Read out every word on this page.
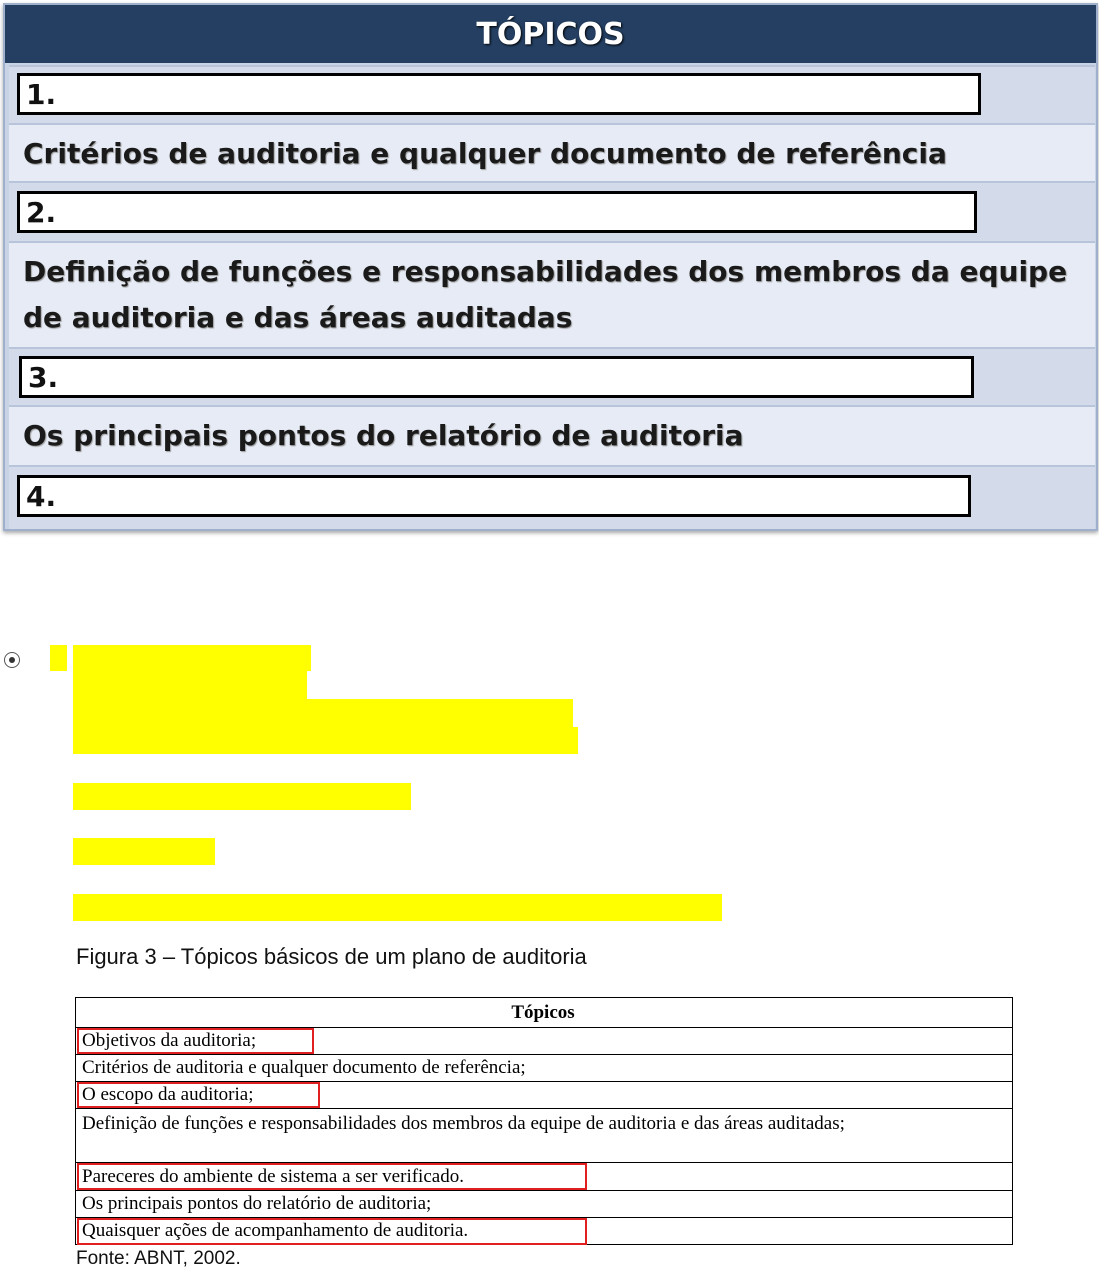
TÓPICOS
1.
Critérios de auditoria e qualquer documento de referência
2.
Definição de funções e responsabilidades dos membros da equipe de auditoria e das áreas auditadas
3.
Os principais pontos do relatório de auditoria
4.
Figura 3 – Tópicos básicos de um plano de auditoria
Tópicos
Objetivos da auditoria;
Critérios de auditoria e qualquer documento de referência;
O escopo da auditoria;
Definição de funções e responsabilidades dos membros da equipe de auditoria e das áreas auditadas;
Pareceres do ambiente de sistema a ser verificado.
Os principais pontos do relatório de auditoria;
Quaisquer ações de acompanhamento de auditoria.
Fonte: ABNT, 2002.
